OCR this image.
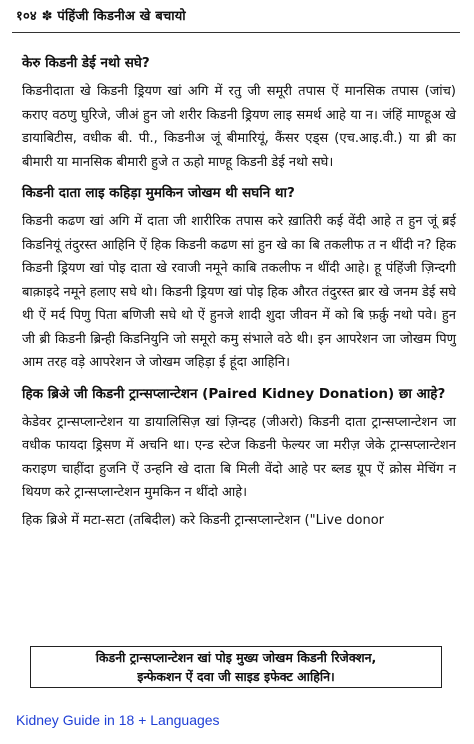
१०४ ✽ पंहिंजी किडनीअ खे बचायो
केरु किडनी डेई नथो सघे?

किडनीदाता खे किडनी ड्रियण खां अगि में रतु जी समूरी तपास ऐं मानसिक तपास (जांच) कराए वठणु घुरिजे, जीअं हुन जो शरीर किडनी ड्रियण लाइ समर्थ आहे या न। जंहिं माण्हूअ खे डायाबिटीस, वधीक बी. पी., किडनीअ जूं बीमारियूं, कैंसर एड्स (एच.आइ.वी.) या ब्री का बीमारी या मानसिक बीमारी हुजे त ऊहो माण्हू किडनी डेई नथो सघे।

किडनी दाता लाइ कहिड़ा मुमकिन जोखम थी सघनि था?

किडनी कढण खां अगि में दाता जी शारीरिक तपास करे ख़ातिरी कई वेंदी आहे त हुन जूं ब्रई किडनियूं तंदुरस्त आहिनि ऐं हिक किडनी कढण सां हुन खे का बि तकलीफ त न थींदी न? हिक किडनी ड्रियण खां पोइ दाता खे रवाजी नमूने काबि तकलीफ न थींदी आहे। हू पंहिंजी ज़िन्दगी बाक़ाइदे नमूने हलाए सघे थो। किडनी ड्रियण खां पोइ हिक औरत तंदुरस्त ब्रार खे जनम डेई सघे थी ऐं मर्द पिणु पिता बणिजी सघे थो ऐं हुनजे शादी शुदा जीवन में को बि फ़र्क़ु नथो पवे। हुन जी ब्री किडनी ब्रिन्ही किडनियुनि जो समूरो कमु संभाले वठे थी। इन आपरेशन जा जोखम पिणु आम तरह वड़े आपरेशन जे जोखम जहिड़ा ई हूंदा आहिनि।

हिक ब्रिअे जी किडनी ट्रान्सप्लान्टेशन (Paired Kidney Donation) छा आहे?

केडेवर ट्रान्सप्लान्टेशन या डायालिसिज़ खां ज़िन्दह (जीअरो) किडनी दाता ट्रान्सप्लान्टेशन जा वधीक फायदा ड्रिसण में अचनि था। एन्ड स्टेज किडनी फेल्यर जा मरीज़ जेके ट्रान्सप्लान्टेशन कराइण चाहींदा हुजनि ऐं उन्हनि खे दाता बि मिली वेंदो आहे पर ब्लड ग्रूप ऐं क्रोस मेचिंग न थियण करे ट्रान्सप्लान्टेशन मुमकिन न थींदो आहे।

हिक ब्रिअे में मटा-सटा (तबिदील) करे किडनी ट्रान्सप्लान्टेशन ("Live donor

किडनी ट्रान्सप्लान्टेशन खां पोइ मुख्य जोखम किडनी रिजेक्शन,
इन्फेकशन ऐं दवा जी साइड इफेक्ट आहिनि।
Kidney Guide in 18 + Languages
